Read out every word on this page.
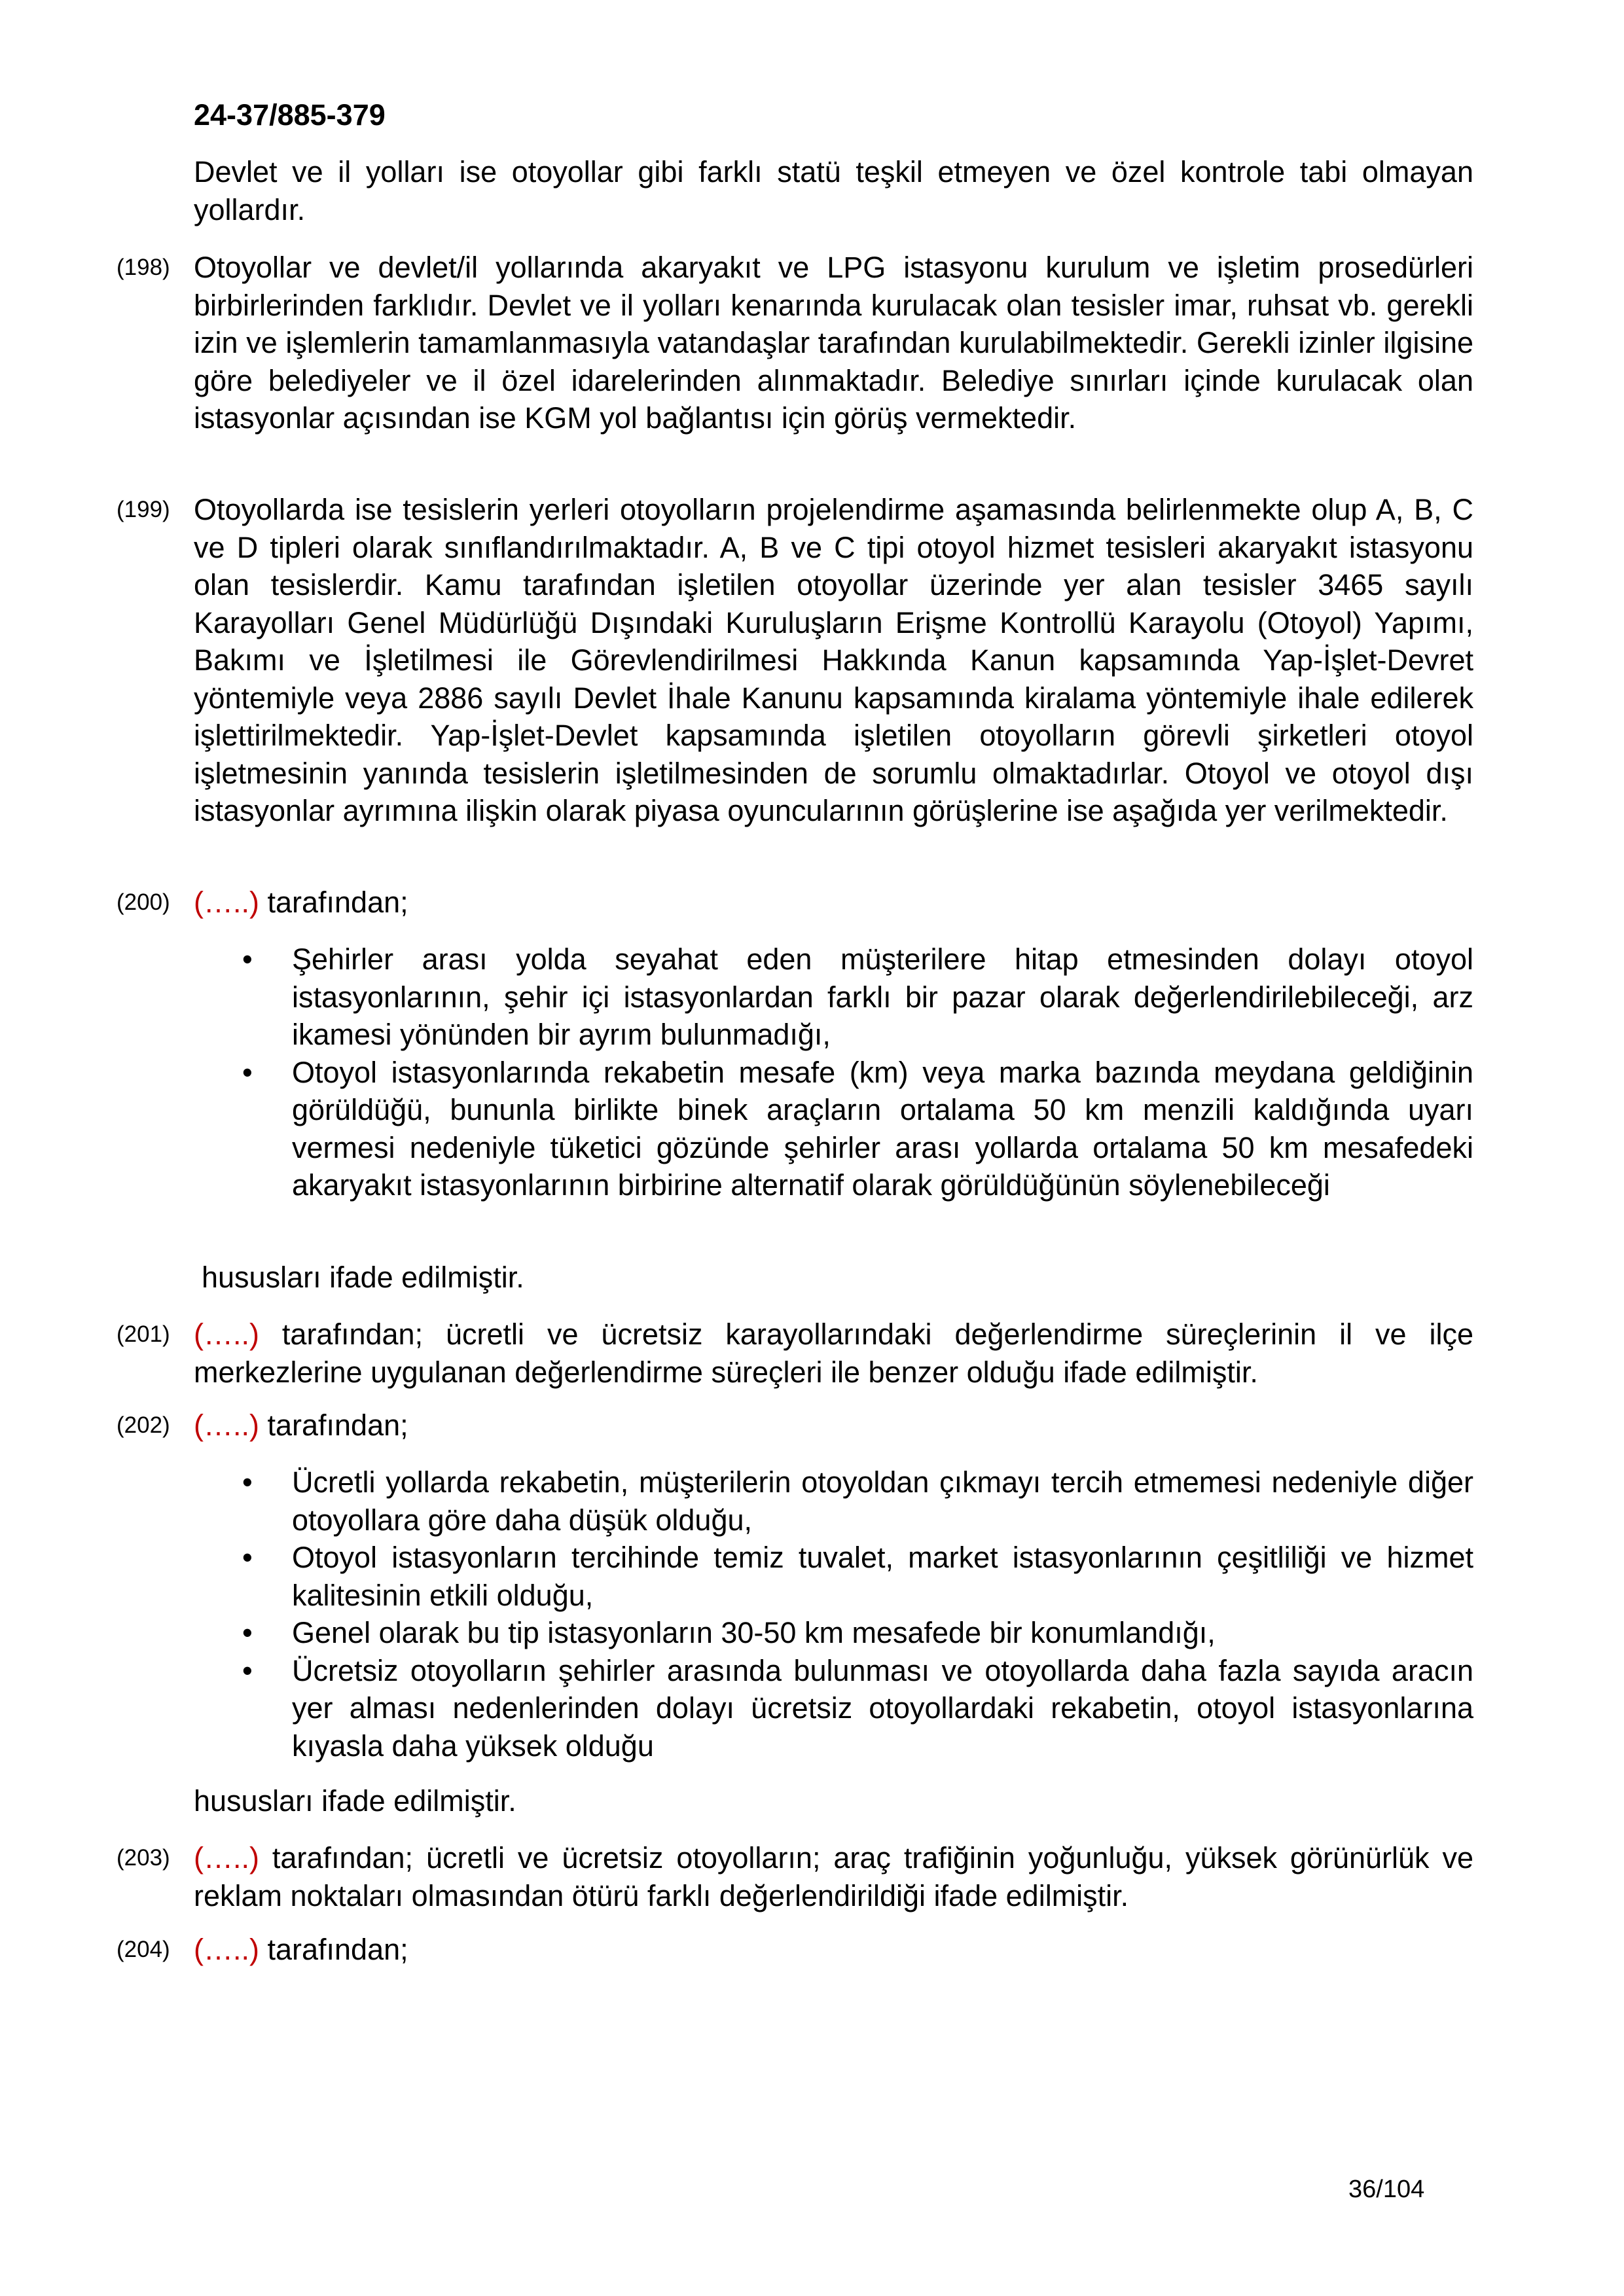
24-37/885-379
Devlet ve il yolları ise otoyollar gibi farklı statü teşkil etmeyen ve özel kontrole tabi olmayan yollardır.
(198) Otoyollar ve devlet/il yollarında akaryakıt ve LPG istasyonu kurulum ve işletim prosedürleri birbirlerinden farklıdır. Devlet ve il yolları kenarında kurulacak olan tesisler imar, ruhsat vb. gerekli izin ve işlemlerin tamamlanmasıyla vatandaşlar tarafından kurulabilmektedir. Gerekli izinler ilgisine göre belediyeler ve il özel idarelerinden alınmaktadır. Belediye sınırları içinde kurulacak olan istasyonlar açısından ise KGM yol bağlantısı için görüş vermektedir.
(199) Otoyollarda ise tesislerin yerleri otoyolların projelendirme aşamasında belirlenmekte olup A, B, C ve D tipleri olarak sınıflandırılmaktadır. A, B ve C tipi otoyol hizmet tesisleri akaryakıt istasyonu olan tesislerdir. Kamu tarafından işletilen otoyollar üzerinde yer alan tesisler 3465 sayılı Karayolları Genel Müdürlüğü Dışındaki Kuruluşların Erişme Kontrollü Karayolu (Otoyol) Yapımı, Bakımı ve İşletilmesi ile Görevlendirilmesi Hakkında Kanun kapsamında Yap-İşlet-Devret yöntemiyle veya 2886 sayılı Devlet İhale Kanunu kapsamında kiralama yöntemiyle ihale edilerek işlettirilmektedir. Yap-İşlet-Devlet kapsamında işletilen otoyolların görevli şirketleri otoyol işletmesinin yanında tesislerin işletilmesinden de sorumlu olmaktadırlar. Otoyol ve otoyol dışı istasyonlar ayrımına ilişkin olarak piyasa oyuncularının görüşlerine ise aşağıda yer verilmektedir.
(200) (…..) tarafından;
• Şehirler arası yolda seyahat eden müşterilere hitap etmesinden dolayı otoyol istasyonlarının, şehir içi istasyonlardan farklı bir pazar olarak değerlendirilebileceği, arz ikamesi yönünden bir ayrım bulunmadığı,
• Otoyol istasyonlarında rekabetin mesafe (km) veya marka bazında meydana geldiğinin görüldüğü, bununla birlikte binek araçların ortalama 50 km menzili kaldığında uyarı vermesi nedeniyle tüketici gözünde şehirler arası yollarda ortalama 50 km mesafedeki akaryakıt istasyonlarının birbirine alternatif olarak görüldüğünün söylenebileceği
hususları ifade edilmiştir.
(201) (…..) tarafından; ücretli ve ücretsiz karayollarındaki değerlendirme süreçlerinin il ve ilçe merkezlerine uygulanan değerlendirme süreçleri ile benzer olduğu ifade edilmiştir.
(202) (…..) tarafından;
• Ücretli yollarda rekabetin, müşterilerin otoyoldan çıkmayı tercih etmemesi nedeniyle diğer otoyollara göre daha düşük olduğu,
• Otoyol istasyonların tercihinde temiz tuvalet, market istasyonlarının çeşitliliği ve hizmet kalitesinin etkili olduğu,
• Genel olarak bu tip istasyonların 30-50 km mesafede bir konumlandığı,
• Ücretsiz otoyolların şehirler arasında bulunması ve otoyollarda daha fazla sayıda aracın yer alması nedenlerinden dolayı ücretsiz otoyollardaki rekabetin, otoyol istasyonlarına kıyasla daha yüksek olduğu
hususları ifade edilmiştir.
(203) (…..) tarafından; ücretli ve ücretsiz otoyolların; araç trafiğinin yoğunluğu, yüksek görünürlük ve reklam noktaları olmasından ötürü farklı değerlendirildiği ifade edilmiştir.
(204) (…..) tarafından;
36/104
